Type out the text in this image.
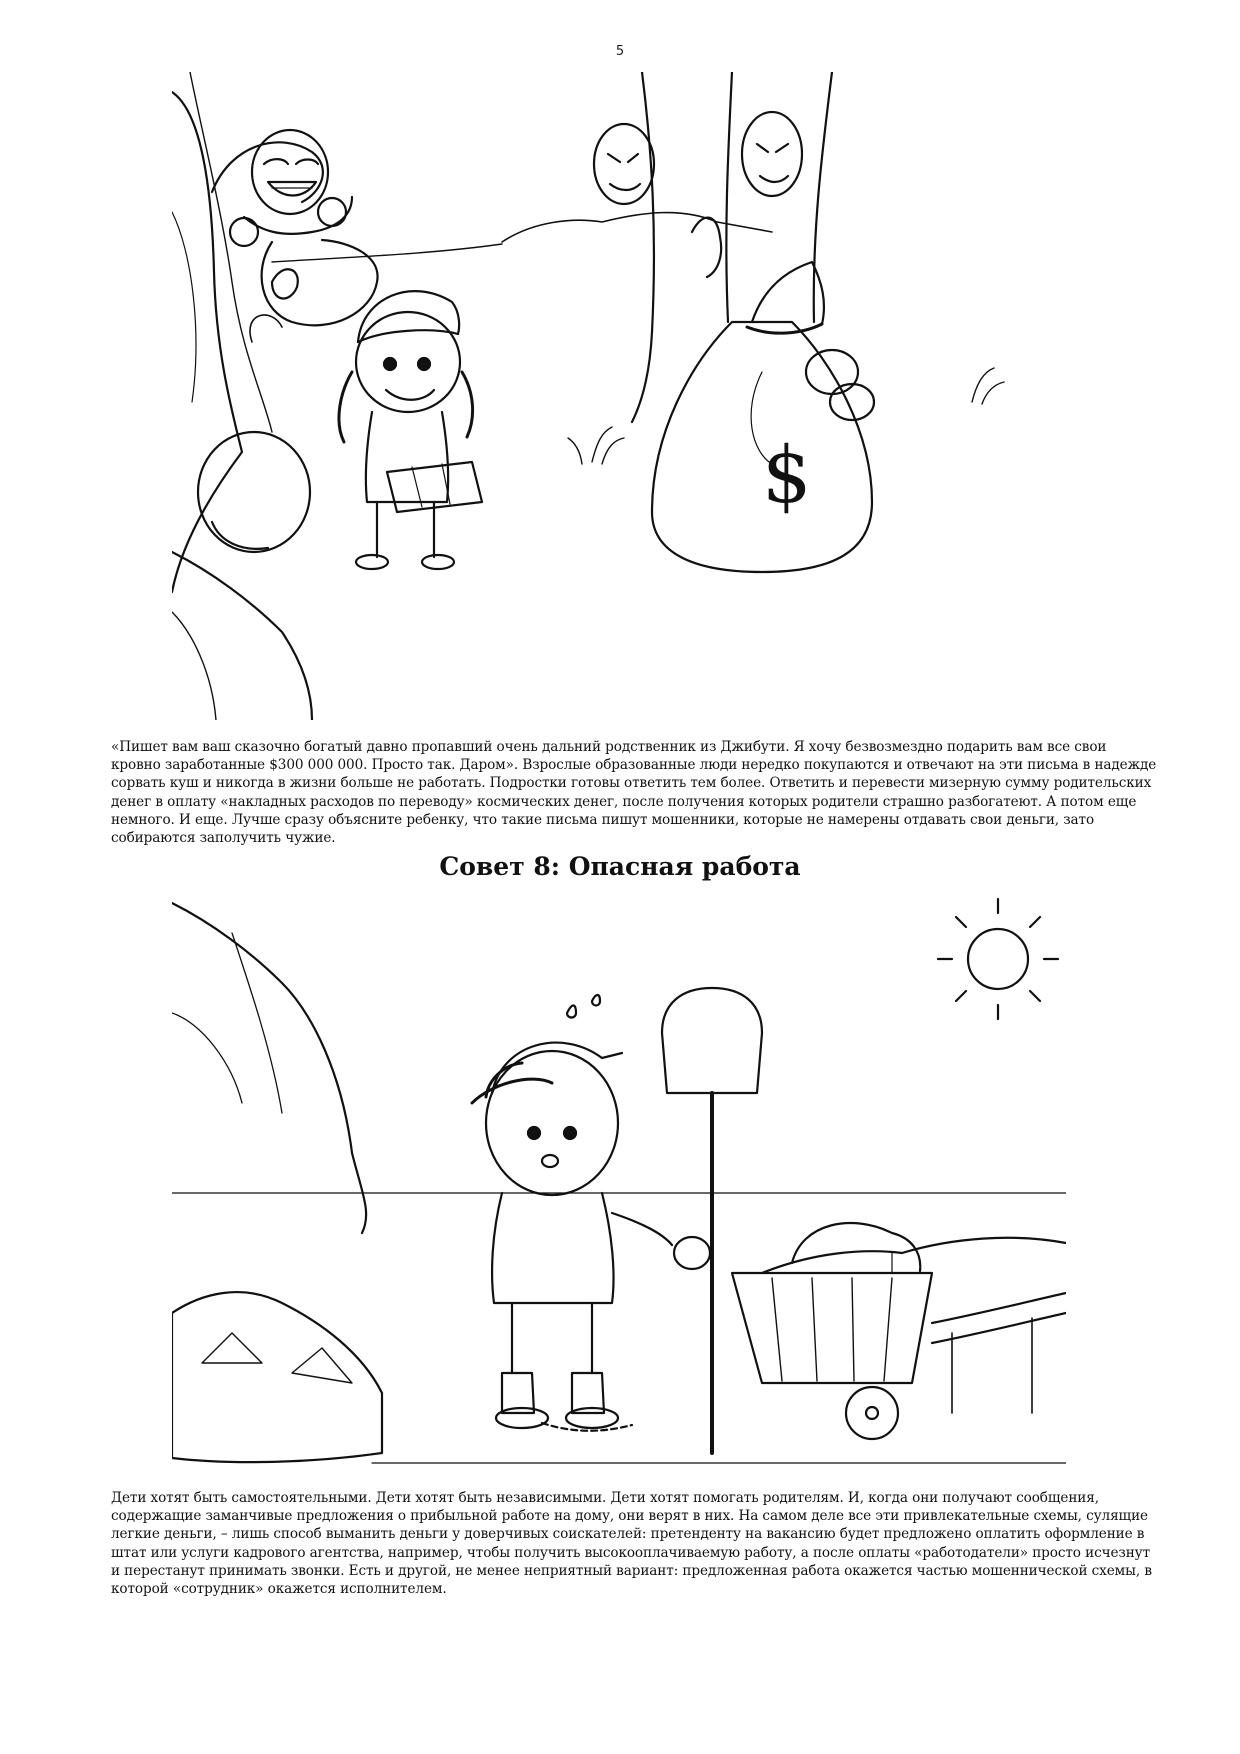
5
$
«Пишет вам ваш сказочно богатый давно пропавший очень дальний родственник из Джибути. Я хочу безвозмездно подарить вам все свои кровно заработанные $300 000 000. Просто так. Даром». Взрослые образованные люди нередко покупаются и отвечают на эти письма в надежде сорвать куш и никогда в жизни больше не работать. Подростки готовы ответить тем более. Ответить и перевести мизерную сумму родительских денег в оплату «накладных расходов по переводу» космических денег, после получения которых родители страшно разбогатеют. А потом еще немного. И еще. Лучше сразу объясните ребенку, что такие письма пишут мошенники, которые не намерены отдавать свои деньги, зато собираются заполучить чужие.
Совет 8: Опасная работа
Дети хотят быть самостоятельными. Дети хотят быть независимыми. Дети хотят помогать родителям. И, когда они получают сообщения, содержащие заманчивые предложения о прибыльной работе на дому, они верят в них. На самом деле все эти привлекательные схемы, сулящие легкие деньги, – лишь способ выманить деньги у доверчивых соискателей: претенденту на вакансию будет предложено оплатить оформление в штат или услуги кадрового агентства, например, чтобы получить высокооплачиваемую работу, а после оплаты «работодатели» просто исчезнут и перестанут принимать звонки. Есть и другой, не менее неприятный вариант: предложенная работа окажется частью мошеннической схемы, в которой «сотрудник» окажется исполнителем.
